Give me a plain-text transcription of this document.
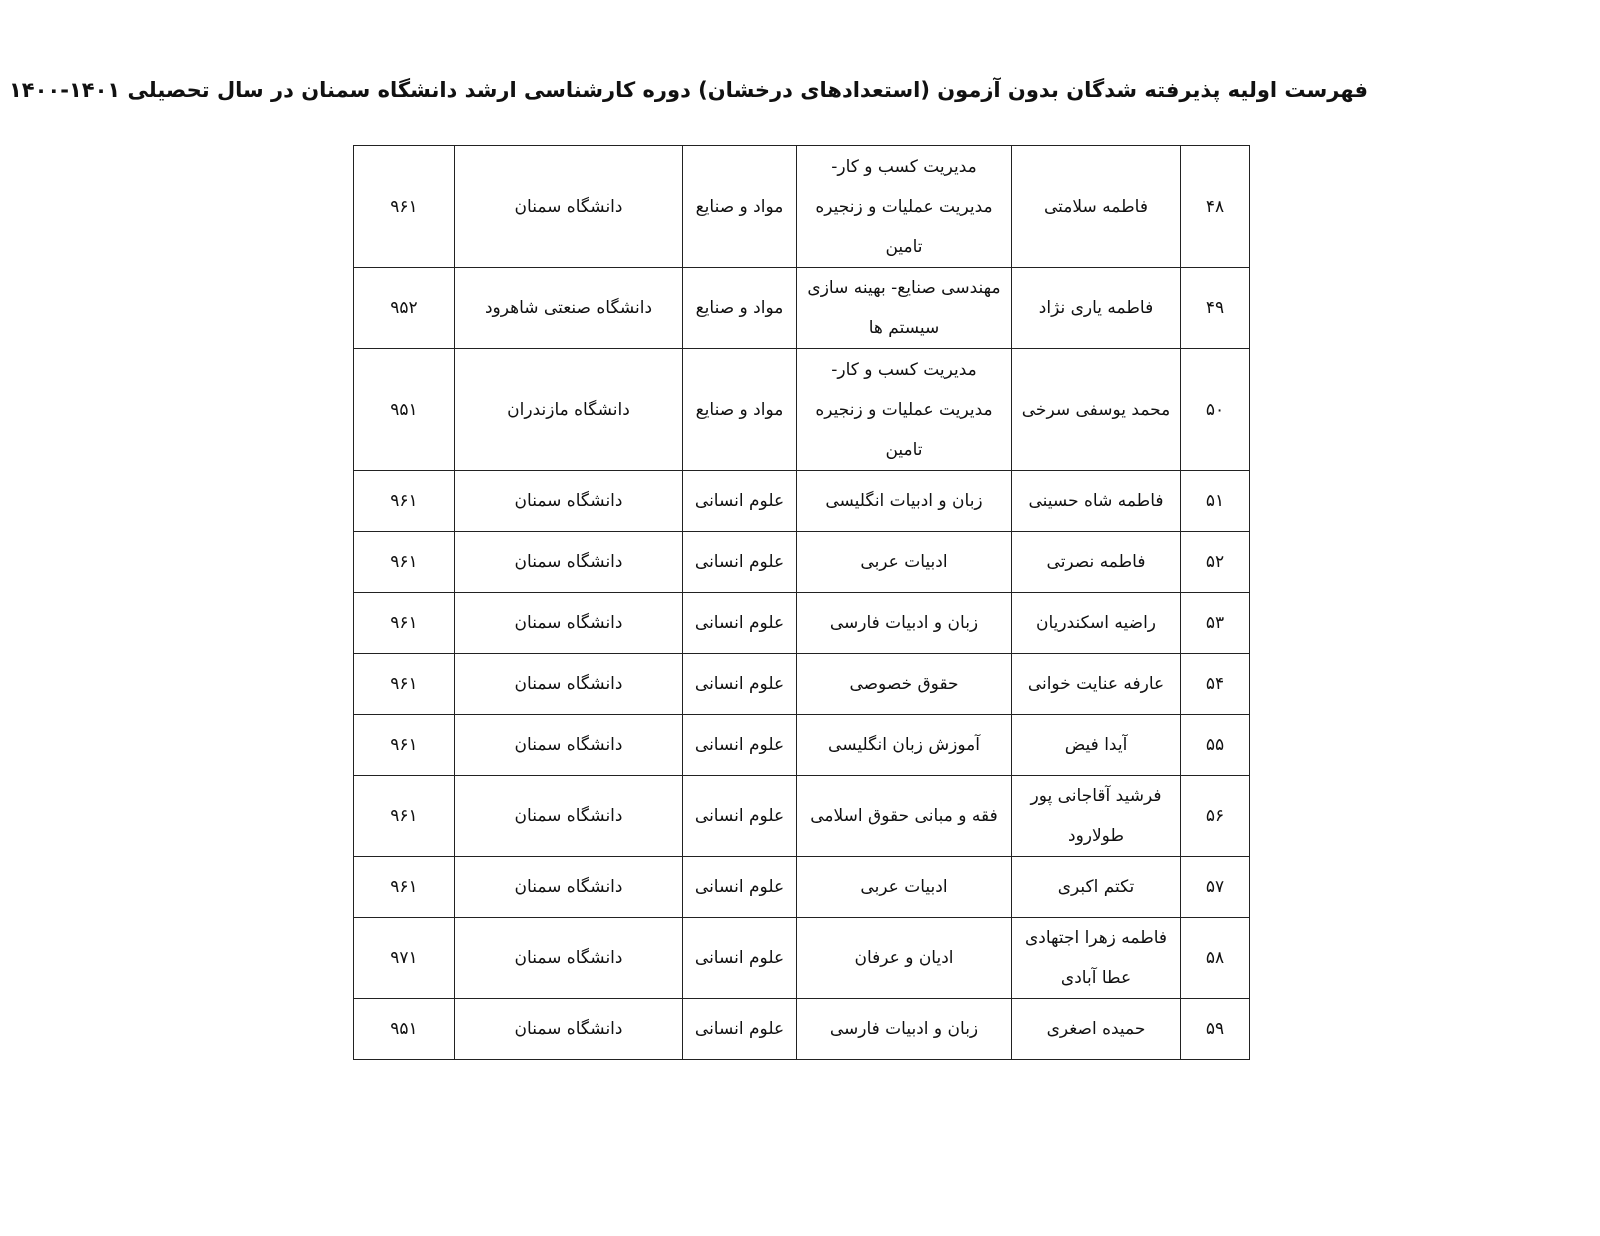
فهرست اولیه پذیرفته شدگان بدون آزمون (استعدادهای درخشان) دوره کارشناسی ارشد دانشگاه سمنان در سال تحصیلی ۱۴۰۱-۱۴۰۰
۴۸	فاطمه سلامتی	مدیریت کسب و کار- مدیریت عملیات و زنجیره تامین	مواد و صنایع	دانشگاه سمنان	۹۶۱
۴۹	فاطمه یاری نژاد	مهندسی صنایع- بهینه سازی سیستم ها	مواد و صنایع	دانشگاه صنعتی شاهرود	۹۵۲
۵۰	محمد یوسفی سرخی	مدیریت کسب و کار- مدیریت عملیات و زنجیره تامین	مواد و صنایع	دانشگاه مازندران	۹۵۱
۵۱	فاطمه شاه حسینی	زبان و ادبیات انگلیسی	علوم انسانی	دانشگاه سمنان	۹۶۱
۵۲	فاطمه نصرتی	ادبیات عربی	علوم انسانی	دانشگاه سمنان	۹۶۱
۵۳	راضیه اسکندریان	زبان و ادبیات فارسی	علوم انسانی	دانشگاه سمنان	۹۶۱
۵۴	عارفه عنایت خوانی	حقوق خصوصی	علوم انسانی	دانشگاه سمنان	۹۶۱
۵۵	آیدا فیض	آموزش زبان انگلیسی	علوم انسانی	دانشگاه سمنان	۹۶۱
۵۶	فرشید آقاجانی پور طولارود	فقه و مبانی حقوق اسلامی	علوم انسانی	دانشگاه سمنان	۹۶۱
۵۷	تکتم اکبری	ادبیات عربی	علوم انسانی	دانشگاه سمنان	۹۶۱
۵۸	فاطمه زهرا اجتهادی عطا آبادی	ادیان و عرفان	علوم انسانی	دانشگاه سمنان	۹۷۱
۵۹	حمیده اصغری	زبان و ادبیات فارسی	علوم انسانی	دانشگاه سمنان	۹۵۱
